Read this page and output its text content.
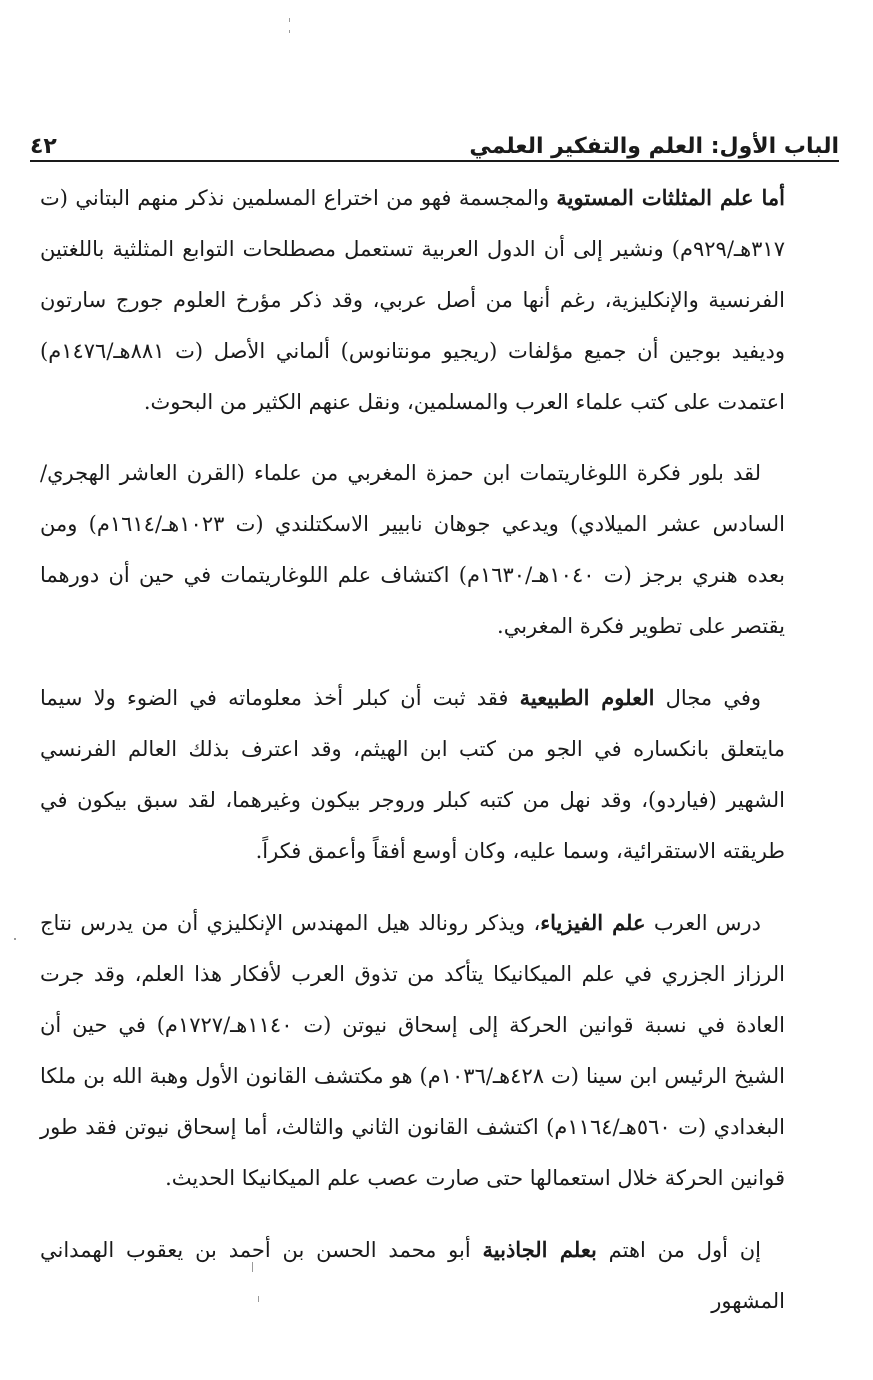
الباب الأول: العلم والتفكير العلمي
٤٢

أما علم المثلثات المستوية والمجسمة فهو من اختراع المسلمين نذكر منهم البتاني (ت ٣١٧هـ/٩٢٩م) ونشير إلى أن الدول العربية تستعمل مصطلحات التوابع المثلثية باللغتين الفرنسية والإنكليزية، رغم أنها من أصل عربي، وقد ذكر مؤرخ العلوم جورج سارتون وديفيد بوجين أن جميع مؤلفات (ريجيو مونتانوس) ألماني الأصل (ت ٨٨١هـ/١٤٧٦م) اعتمدت على كتب علماء العرب والمسلمين، ونقل عنهم الكثير من البحوث.

لقد بلور فكرة اللوغاريتمات ابن حمزة المغربي من علماء (القرن العاشر الهجري/السادس عشر الميلادي) ويدعي جوهان نابيير الاسكتلندي (ت ١٠٢٣هـ/١٦١٤م) ومن بعده هنري برجز (ت ١٠٤٠هـ/١٦٣٠م) اكتشاف علم اللوغاريتمات في حين أن دورهما يقتصر على تطوير فكرة المغربي.

وفي مجال العلوم الطبيعية فقد ثبت أن كبلر أخذ معلوماته في الضوء ولا سيما مايتعلق بانكساره في الجو من كتب ابن الهيثم، وقد اعترف بذلك العالم الفرنسي الشهير (فياردو)، وقد نهل من كتبه كبلر وروجر بيكون وغيرهما، لقد سبق بيكون في طريقته الاستقرائية، وسما عليه، وكان أوسع أفقاً وأعمق فكراً.

درس العرب علم الفيزياء، ويذكر رونالد هيل المهندس الإنكليزي أن من يدرس نتاج الرزاز الجزري في علم الميكانيكا يتأكد من تذوق العرب لأفكار هذا العلم، وقد جرت العادة في نسبة قوانين الحركة إلى إسحاق نيوتن (ت ١١٤٠هـ/١٧٢٧م) في حين أن الشيخ الرئيس ابن سينا (ت ٤٢٨هـ/١٠٣٦م) هو مكتشف القانون الأول وهبة الله بن ملكا البغدادي (ت ٥٦٠هـ/١١٦٤م) اكتشف القانون الثاني والثالث، أما إسحاق نيوتن فقد طور قوانين الحركة خلال استعمالها حتى صارت عصب علم الميكانيكا الحديث.

إن أول من اهتم بعلم الجاذبية أبو محمد الحسن بن أحمد بن يعقوب الهمداني المشهور
